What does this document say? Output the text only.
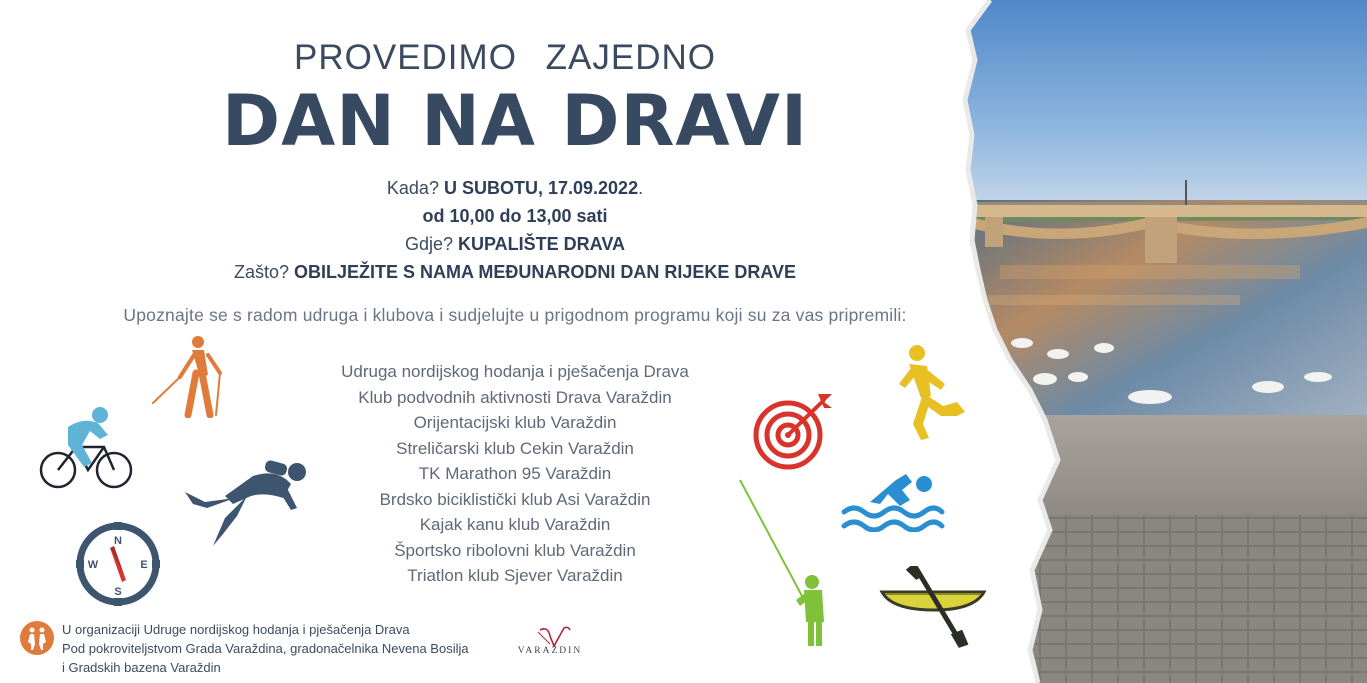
PROVEDIMO ZAJEDNO
DAN NA DRAVI
Kada? U SUBOTU, 17.09.2022.
od 10,00 do 13,00 sati
Gdje? KUPALIŠTE DRAVA
Zašto? OBILJEŽITE S NAMA MEĐUNARODNI DAN RIJEKE DRAVE
Upoznajte se s radom udruga i klubova i sudjelujte u prigodnom programu koji su za vas pripremili:
Udruga nordijskog hodanja i pješačenja Drava
Klub podvodnih aktivnosti Drava Varaždin
Orijentacijski klub Varaždin
Streličarski klub Cekin Varaždin
TK Marathon 95 Varaždin
Brdsko biciklistički klub Asi Varaždin
Kajak kanu klub Varaždin
Športsko ribolovni klub Varaždin
Triatlon klub Sjever Varaždin
N
E
S
W
U organizaciji Udruge nordijskog hodanja i pješačenja Drava
Pod pokroviteljstvom Grada Varaždina, gradonačelnika Nevena Bosilja
i Gradskih bazena Varaždin
VARAŽDIN
